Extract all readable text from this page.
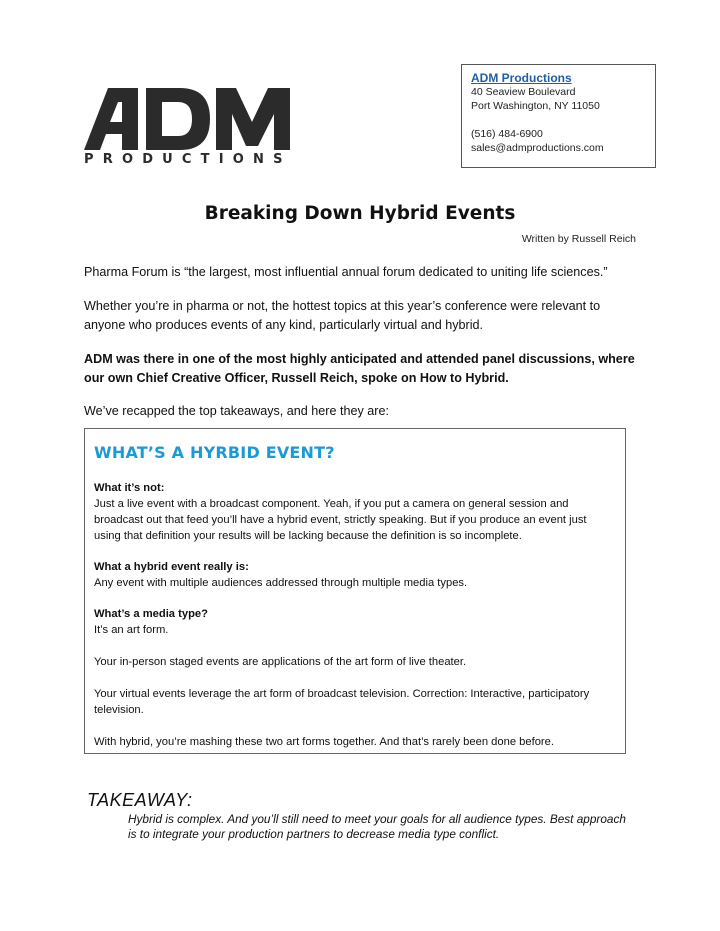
PRODUCTIONS
ADM Productions
40 Seaview Boulevard
Port Washington, NY 11050
(516) 484-6900
sales@admproductions.com
Breaking Down Hybrid Events
Written by Russell Reich
Pharma Forum is “the largest, most influential annual forum dedicated to uniting life sciences.”
Whether you’re in pharma or not, the hottest topics at this year’s conference were relevant to anyone who produces events of any kind, particularly virtual and hybrid.
ADM was there in one of the most highly anticipated and attended panel discussions, where our own Chief Creative Officer, Russell Reich, spoke on How to Hybrid.
We’ve recapped the top takeaways, and here they are:
WHAT’S A HYRBID EVENT?
What it’s not:
Just a live event with a broadcast component. Yeah, if you put a camera on general session and broadcast out that feed you’ll have a hybrid event, strictly speaking. But if you produce an event just using that definition your results will be lacking because the definition is so incomplete.
What a hybrid event really is:
Any event with multiple audiences addressed through multiple media types.
What’s a media type?
It’s an art form.
Your in-person staged events are applications of the art form of live theater.
Your virtual events leverage the art form of broadcast television. Correction: Interactive, participatory television.
With hybrid, you’re mashing these two art forms together. And that’s rarely been done before.
TAKEAWAY:
Hybrid is complex. And you’ll still need to meet your goals for all audience types. Best approach is to integrate your production partners to decrease media type conflict.
